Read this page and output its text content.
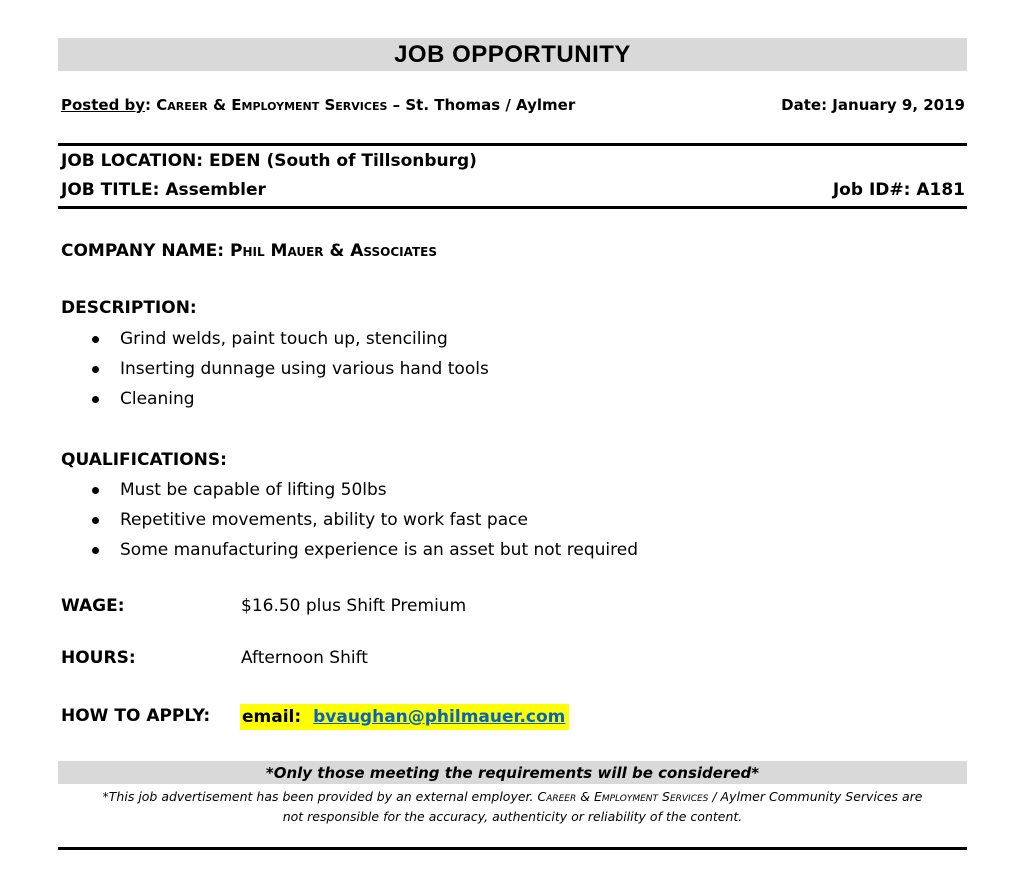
JOB OPPORTUNITY
Posted by: Career & Employment Services – St. Thomas / Aylmer	Date: January 9, 2019
JOB LOCATION: EDEN (South of Tillsonburg)
JOB TITLE: Assembler	Job ID#: A181
COMPANY NAME: Phil Mauer & Associates
DESCRIPTION:
Grind welds, paint touch up, stenciling
Inserting dunnage using various hand tools
Cleaning
QUALIFICATIONS:
Must be capable of lifting 50lbs
Repetitive movements, ability to work fast pace
Some manufacturing experience is an asset but not required
WAGE:	$16.50 plus Shift Premium
HOURS:	Afternoon Shift
HOW TO APPLY: email: bvaughan@philmauer.com
*Only those meeting the requirements will be considered*
*This job advertisement has been provided by an external employer. Career & Employment Services / Aylmer Community Services are
not responsible for the accuracy, authenticity or reliability of the content.
